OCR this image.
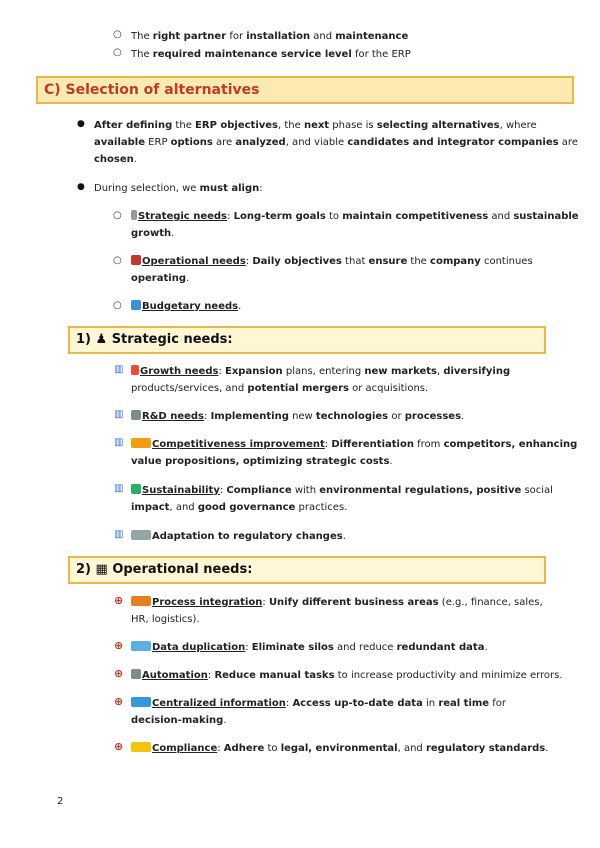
○ The right partner for installation and maintenance
○ The required maintenance service level for the ERP
C) Selection of alternatives
● After defining the ERP objectives, the next phase is selecting alternatives, where
available ERP options are analyzed, and viable candidates and integrator companies are
chosen.
● During selection, we must align:
○	Strategic needs: Long-term goals to maintain competitiveness and sustainable
growth.
○	Operational needs: Daily objectives that ensure the company continues
operating.
○	Budgetary needs.
1) ♟ Strategic needs:
▥	Growth needs: Expansion plans, entering new markets, diversifying
products/services, and potential mergers or acquisitions.
▥	R&D needs: Implementing new technologies or processes.
▥	Competitiveness improvement: Differentiation from competitors, enhancing
value propositions, optimizing strategic costs.
▥	Sustainability: Compliance with environmental regulations, positive social
impact, and good governance practices.
▥	Adaptation to regulatory changes.
2) ▦ Operational needs:
⊕	Process integration: Unify different business areas (e.g., finance, sales,
HR, logistics).
⊕	Data duplication: Eliminate silos and reduce redundant data.
⊕	Automation: Reduce manual tasks to increase productivity and minimize errors.
⊕	Centralized information: Access up-to-date data in real time for
decision-making.
⊕	Compliance: Adhere to legal, environmental, and regulatory standards.
2
